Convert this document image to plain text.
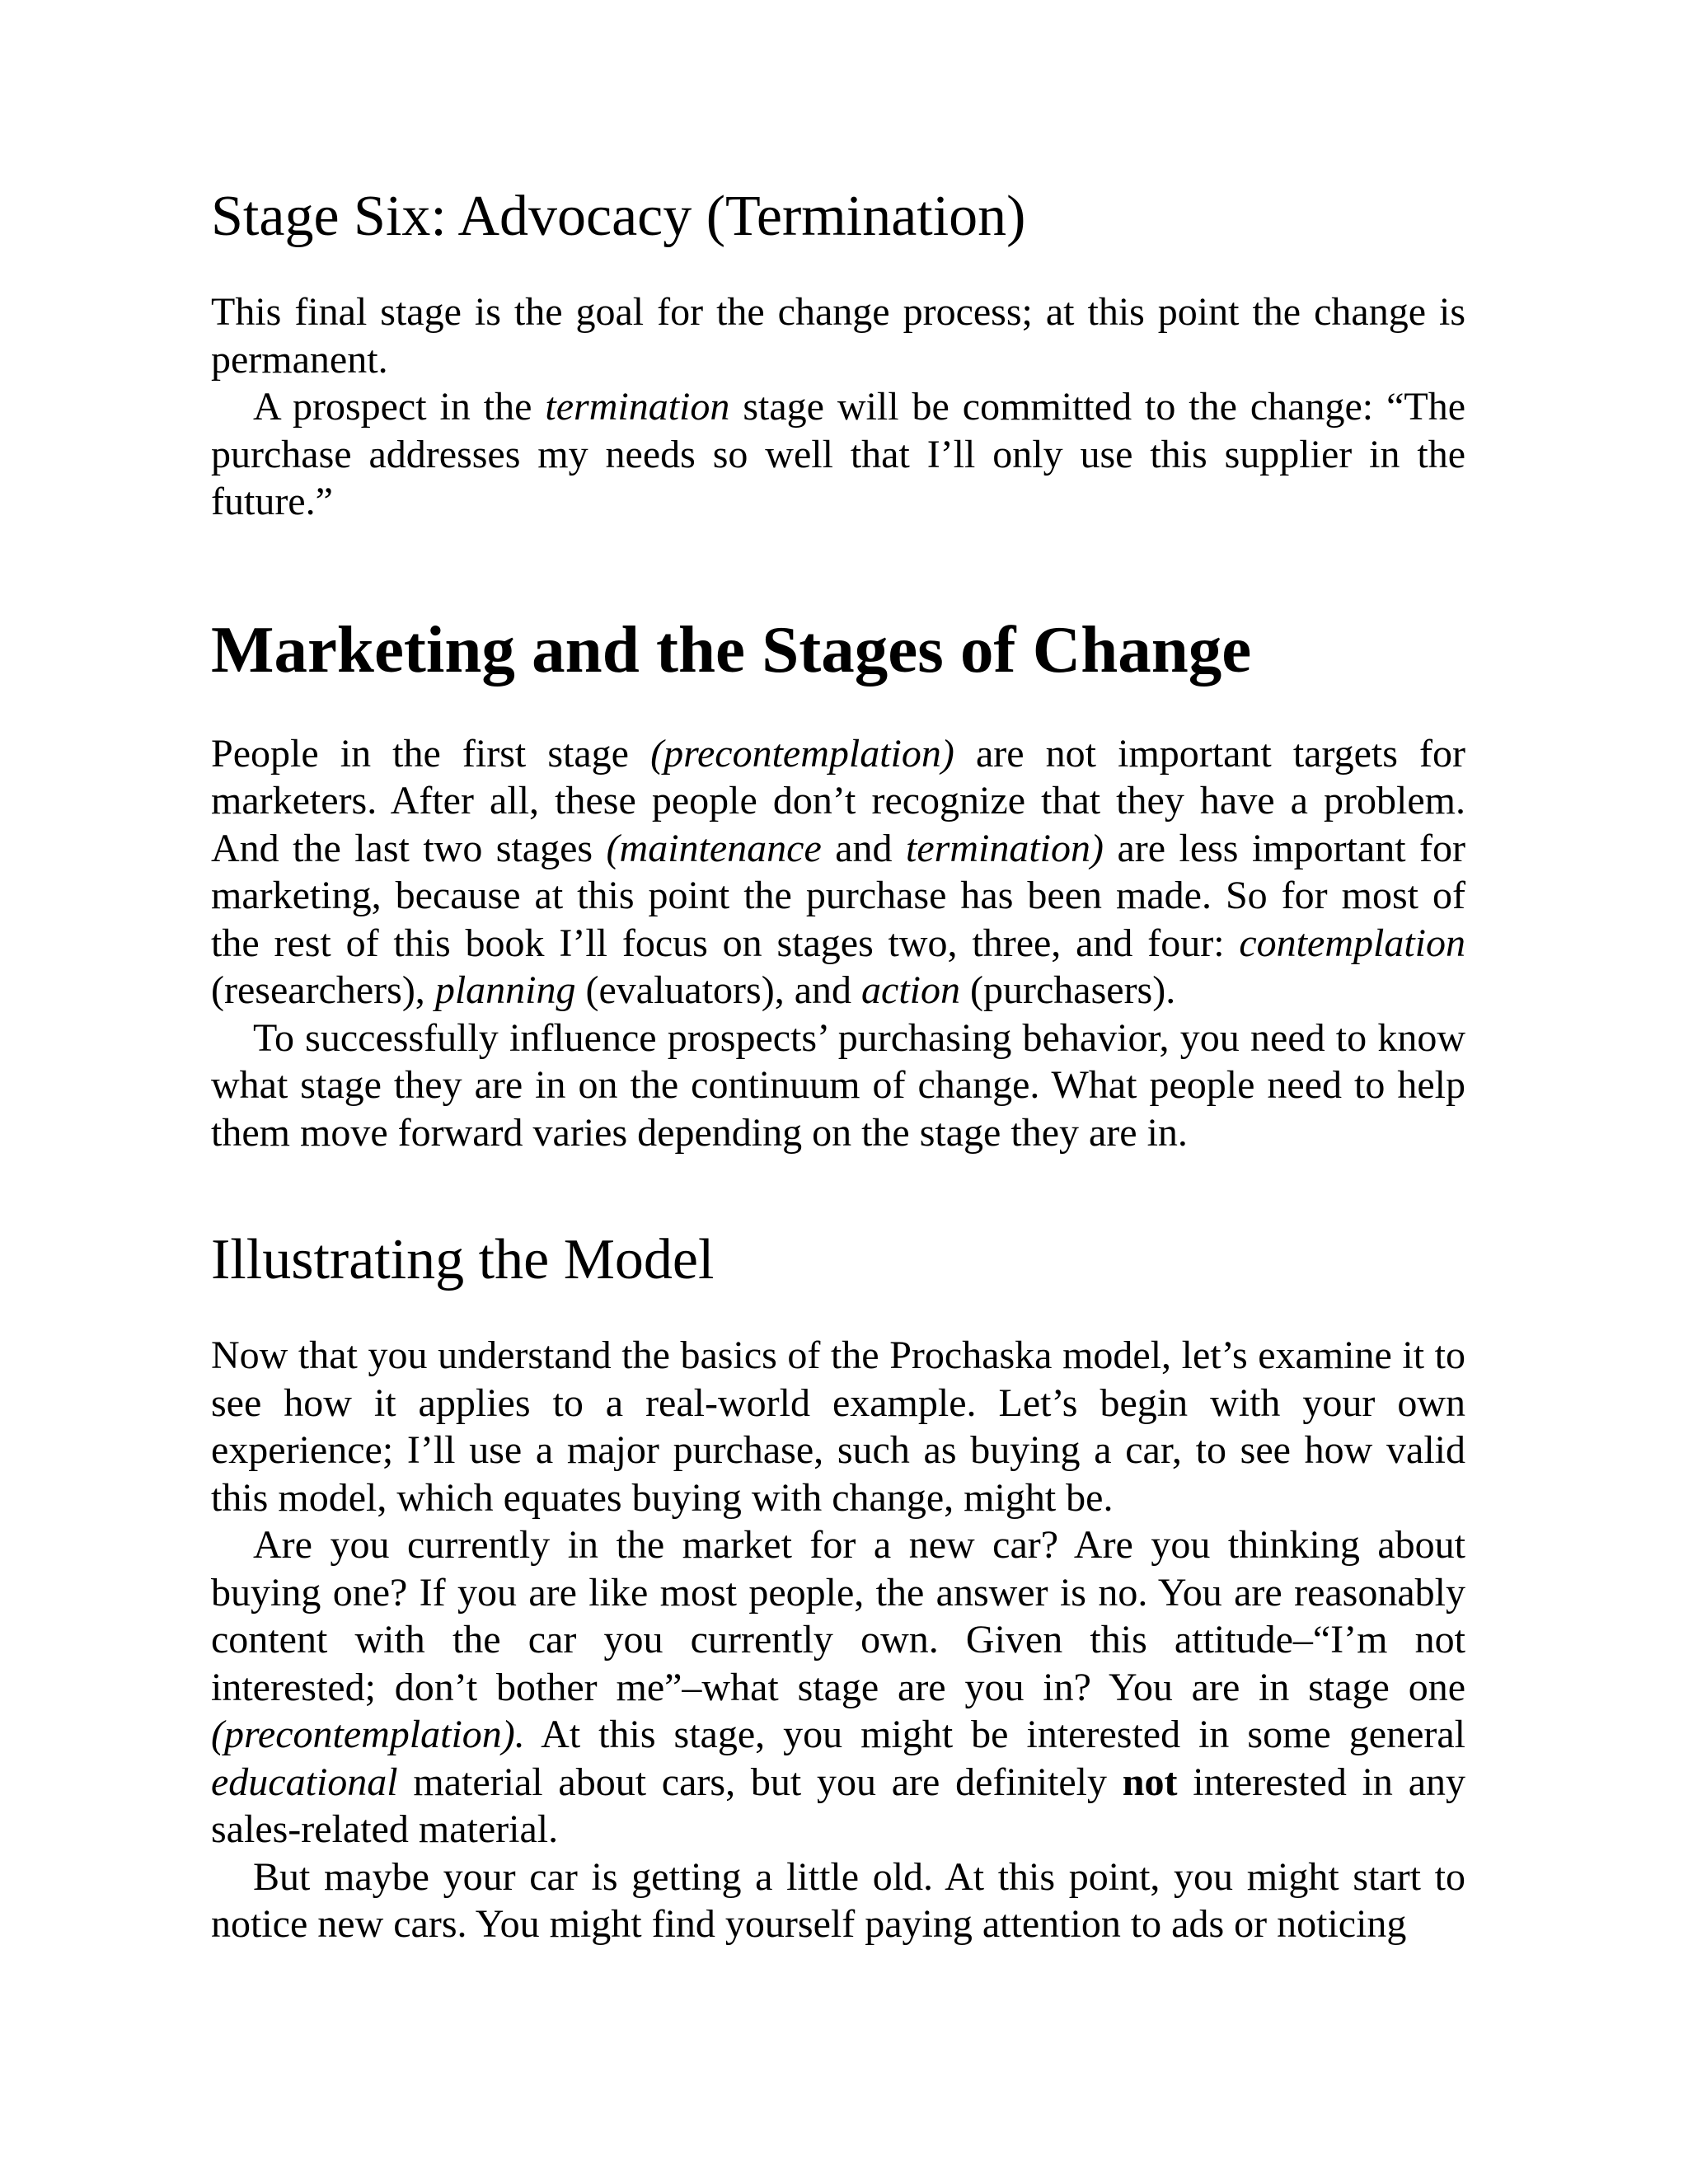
Stage Six: Advocacy (Termination)

This final stage is the goal for the change process; at this point the change is permanent.

A prospect in the termination stage will be committed to the change: “The purchase addresses my needs so well that I’ll only use this supplier in the future.”

Marketing and the Stages of Change

People in the first stage (precontemplation) are not important targets for marketers. After all, these people don’t recognize that they have a problem. And the last two stages (maintenance and termination) are less important for marketing, because at this point the purchase has been made. So for most of the rest of this book I’ll focus on stages two, three, and four: contemplation (researchers), planning (evaluators), and action (purchasers).

To successfully influence prospects’ purchasing behavior, you need to know what stage they are in on the continuum of change. What people need to help them move forward varies depending on the stage they are in.

Illustrating the Model

Now that you understand the basics of the Prochaska model, let’s examine it to see how it applies to a real-world example. Let’s begin with your own experience; I’ll use a major purchase, such as buying a car, to see how valid this model, which equates buying with change, might be.

Are you currently in the market for a new car? Are you thinking about buying one? If you are like most people, the answer is no. You are reasonably content with the car you currently own. Given this attitude–“I’m not interested; don’t bother me”–what stage are you in? You are in stage one (precontemplation). At this stage, you might be interested in some general educational material about cars, but you are definitely not interested in any sales-related material.

But maybe your car is getting a little old. At this point, you might start to notice new cars. You might find yourself paying attention to ads or noticing
